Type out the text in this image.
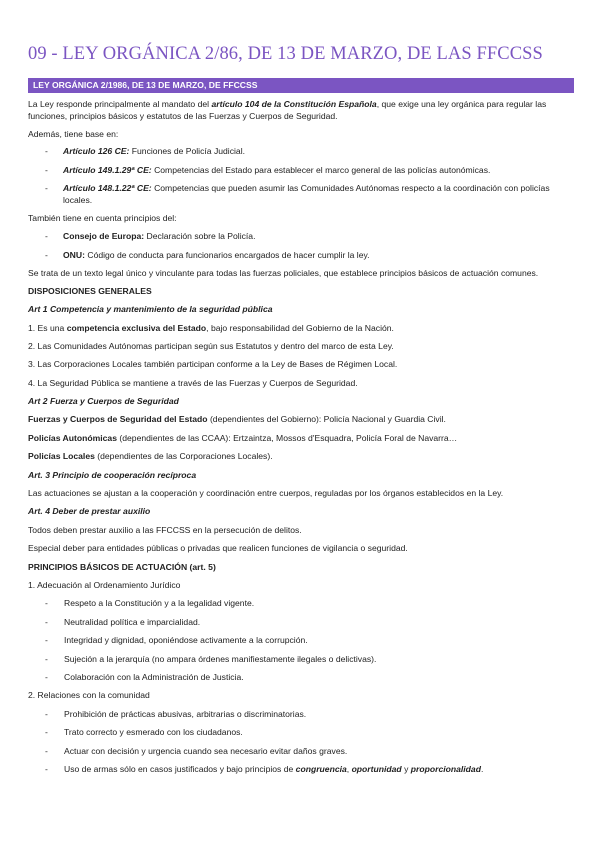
09 - LEY ORGÁNICA 2/86, DE 13 DE MARZO, DE LAS FFCCSS
LEY ORGÁNICA 2/1986, DE 13 DE MARZO, DE FFCCSS

La Ley responde principalmente al mandato del artículo 104 de la Constitución Española, que exige una ley orgánica para regular las funciones, principios básicos y estatutos de las Fuerzas y Cuerpos de Seguridad.

Además, tiene base en:

- Artículo 126 CE: Funciones de Policía Judicial.
- Artículo 149.1.29ª CE: Competencias del Estado para establecer el marco general de las policías autonómicas.
- Artículo 148.1.22ª CE: Competencias que pueden asumir las Comunidades Autónomas respecto a la coordinación con policías locales.

También tiene en cuenta principios del:

- Consejo de Europa: Declaración sobre la Policía.
- ONU: Código de conducta para funcionarios encargados de hacer cumplir la ley.

Se trata de un texto legal único y vinculante para todas las fuerzas policiales, que establece principios básicos de actuación comunes.

DISPOSICIONES GENERALES
Art 1 Competencia y mantenimiento de la seguridad pública
1. Es una competencia exclusiva del Estado, bajo responsabilidad del Gobierno de la Nación.
2. Las Comunidades Autónomas participan según sus Estatutos y dentro del marco de esta Ley.
3. Las Corporaciones Locales también participan conforme a la Ley de Bases de Régimen Local.
4. La Seguridad Pública se mantiene a través de las Fuerzas y Cuerpos de Seguridad.
Art 2 Fuerza y Cuerpos de Seguridad
Fuerzas y Cuerpos de Seguridad del Estado (dependientes del Gobierno): Policía Nacional y Guardia Civil.
Policías Autonómicas (dependientes de las CCAA): Ertzaintza, Mossos d'Esquadra, Policía Foral de Navarra…
Policías Locales (dependientes de las Corporaciones Locales).
Art. 3 Principio de cooperación recíproca
Las actuaciones se ajustan a la cooperación y coordinación entre cuerpos, reguladas por los órganos establecidos en la Ley.
Art. 4 Deber de prestar auxilio
Todos deben prestar auxilio a las FFCCSS en la persecución de delitos.
Especial deber para entidades públicas o privadas que realicen funciones de vigilancia o seguridad.
PRINCIPIOS BÁSICOS DE ACTUACIÓN (art. 5)
1. Adecuación al Ordenamiento Jurídico
- Respeto a la Constitución y a la legalidad vigente.
- Neutralidad política e imparcialidad.
- Integridad y dignidad, oponiéndose activamente a la corrupción.
- Sujeción a la jerarquía (no ampara órdenes manifiestamente ilegales o delictivas).
- Colaboración con la Administración de Justicia.
2. Relaciones con la comunidad
- Prohibición de prácticas abusivas, arbitrarias o discriminatorias.
- Trato correcto y esmerado con los ciudadanos.
- Actuar con decisión y urgencia cuando sea necesario evitar daños graves.
- Uso de armas sólo en casos justificados y bajo principios de congruencia, oportunidad y proporcionalidad.
